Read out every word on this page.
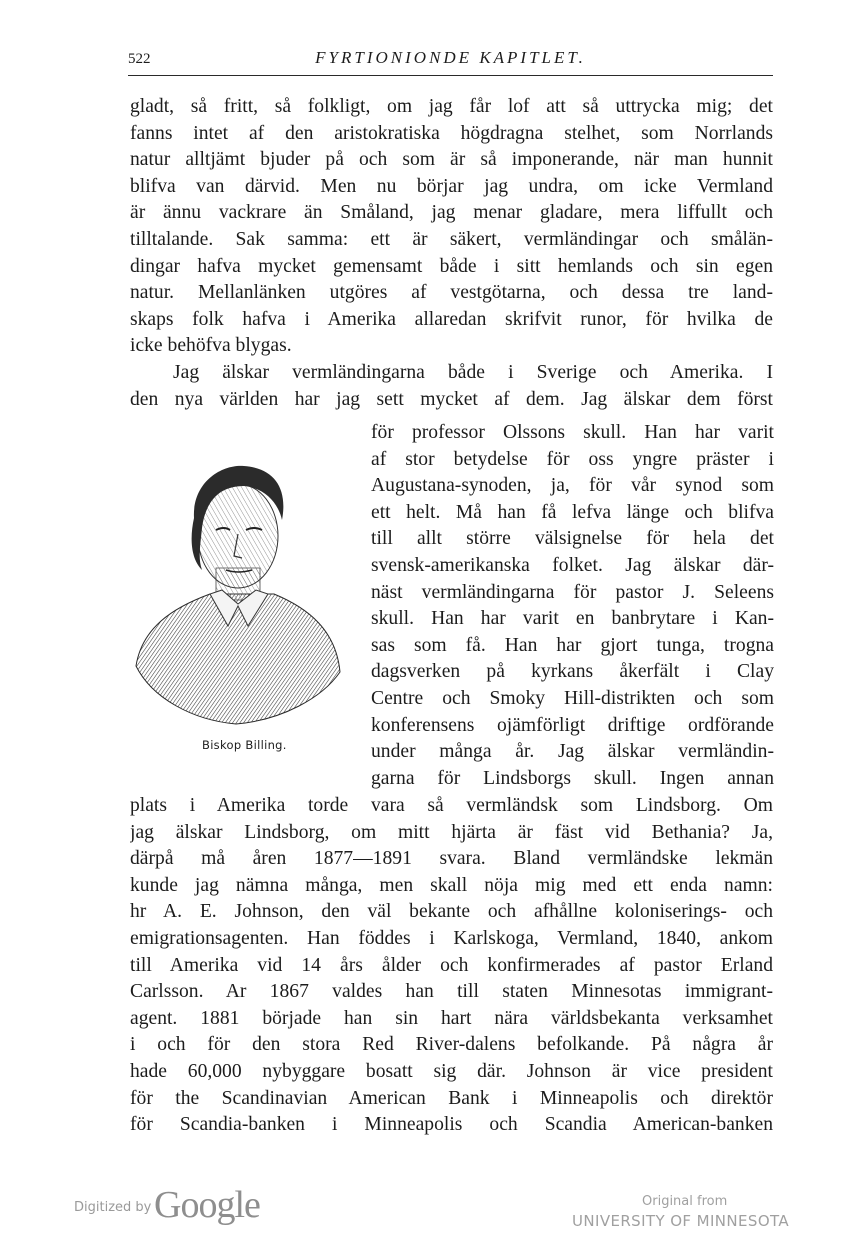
522	FYRTIONIONDE KAPITLET.
gladt, så fritt, så folkligt, om jag får lof att så uttrycka mig; det
fanns intet af den aristokratiska högdragna stelhet, som Norrlands
natur alltjämt bjuder på och som är så imponerande, när man hunnit
blifva van därvid. Men nu börjar jag undra, om icke Vermland
är ännu vackrare än Småland, jag menar gladare, mera liffullt och
tilltalande. Sak samma: ett är säkert, vermländingar och smålän-
dingar hafva mycket gemensamt både i sitt hemlands och sin egen
natur. Mellanlänken utgöres af vestgötarna, och dessa tre land-
skaps folk hafva i Amerika allaredan skrifvit runor, för hvilka de
icke behöfva blygas.
Jag älskar vermländingarna både i Sverige och Amerika. I
den nya världen har jag sett mycket af dem. Jag älskar dem först
för professor Olssons skull. Han har varit
af stor betydelse för oss yngre präster i
Augustana-synoden, ja, för vår synod som
ett helt. Må han få lefva länge och blifva
till allt större välsignelse för hela det
svensk-amerikanska folket. Jag älskar där-
näst vermländingarna för pastor J. Seleens
skull. Han har varit en banbrytare i Kan-
sas som få. Han har gjort tunga, trogna
dagsverken på kyrkans åkerfält i Clay
Centre och Smoky Hill-distrikten och som
konferensens ojämförligt driftige ordförande
under många år. Jag älskar vermländin-
garna för Lindsborgs skull. Ingen annan
plats i Amerika torde vara så vermländsk som Lindsborg. Om
jag älskar Lindsborg, om mitt hjärta är fäst vid Bethania? Ja,
därpå må åren 1877—1891 svara. Bland vermländske lekmän
kunde jag nämna många, men skall nöja mig med ett enda namn:
hr A. E. Johnson, den väl bekante och afhållne koloniserings- och
emigrationsagenten. Han föddes i Karlskoga, Vermland, 1840, ankom
till Amerika vid 14 års ålder och konfirmerades af pastor Erland
Carlsson. Ar 1867 valdes han till staten Minnesotas immigrant-
agent. 1881 började han sin hart nära världsbekanta verksamhet
i och för den stora Red River-dalens befolkande. På några år
hade 60,000 nybyggare bosatt sig där. Johnson är vice president
för the Scandinavian American Bank i Minneapolis och direktör
för Scandia-banken i Minneapolis och Scandia American-banken
Biskop Billing.
Digitized by Google	Original from
UNIVERSITY OF MINNESOTA
